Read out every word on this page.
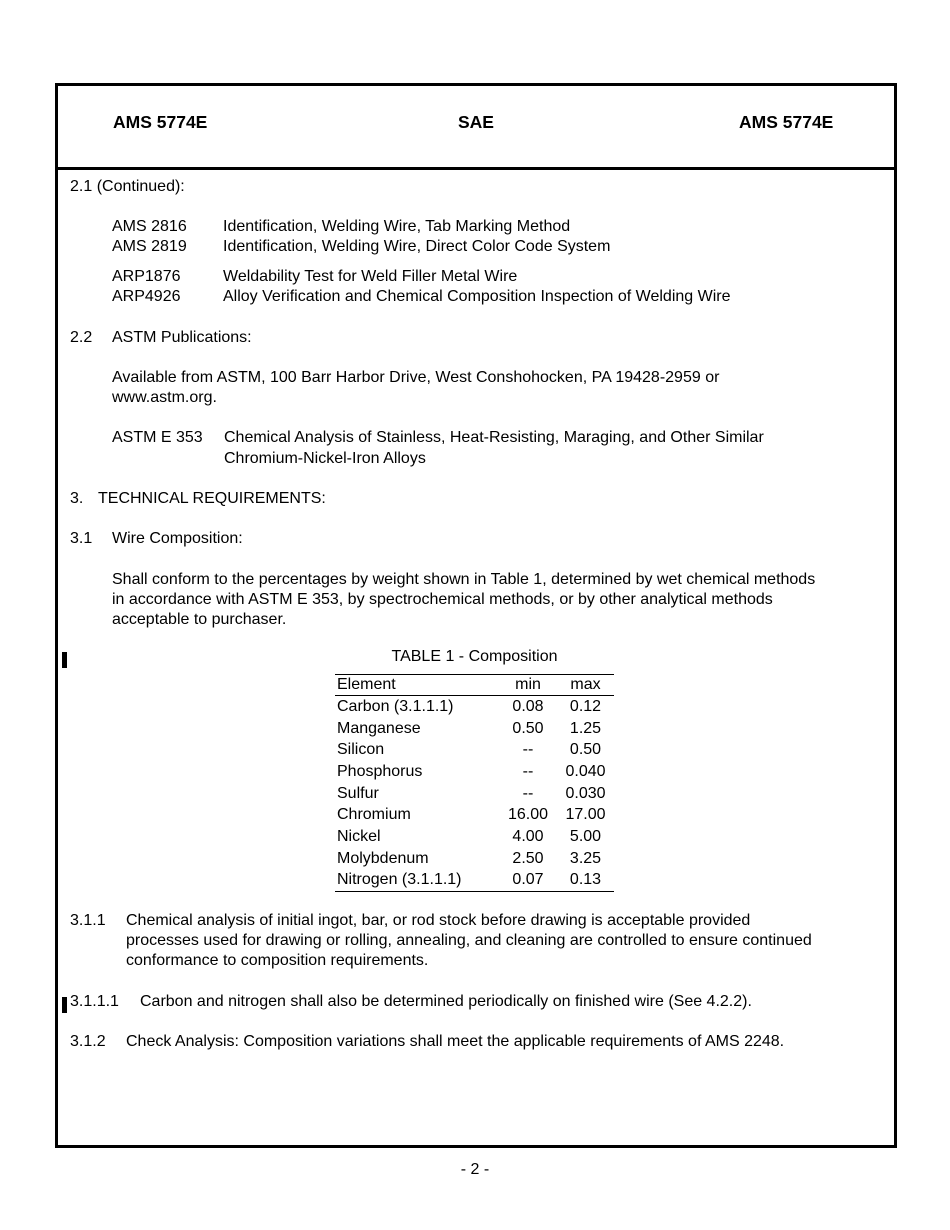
AMS 5774E	SAE	AMS 5774E
2.1 (Continued):
AMS 2816 Identification, Welding Wire, Tab Marking Method
AMS 2819 Identification, Welding Wire, Direct Color Code System
ARP1876	Weldability Test for Weld Filler Metal Wire
ARP4926	Alloy Verification and Chemical Composition Inspection of Welding Wire
2.2 ASTM Publications:
Available from ASTM, 100 Barr Harbor Drive, West Conshohocken, PA 19428-2959 or
www.astm.org.
ASTM E 353 Chemical Analysis of Stainless, Heat-Resisting, Maraging, and Other Similar
Chromium-Nickel-Iron Alloys
3. TECHNICAL REQUIREMENTS:
3.1 Wire Composition:
Shall conform to the percentages by weight shown in Table 1, determined by wet chemical methods
in accordance with ASTM E 353, by spectrochemical methods, or by other analytical methods
acceptable to purchaser.
TABLE 1 - Composition
Element	min	max
Carbon (3.1.1.1)	0.08	0.12
Manganese	0.50	1.25
Silicon	--	0.50
Phosphorus	--	0.040
Sulfur	--	0.030
Chromium	16.00	17.00
Nickel	4.00	5.00
Molybdenum	2.50	3.25
Nitrogen (3.1.1.1)	0.07	0.13
3.1.1 Chemical analysis of initial ingot, bar, or rod stock before drawing is acceptable provided
processes used for drawing or rolling, annealing, and cleaning are controlled to ensure continued
conformance to composition requirements.
3.1.1.1 Carbon and nitrogen shall also be determined periodically on finished wire (See 4.2.2).
3.1.2 Check Analysis: Composition variations shall meet the applicable requirements of AMS 2248.
- 2 -
